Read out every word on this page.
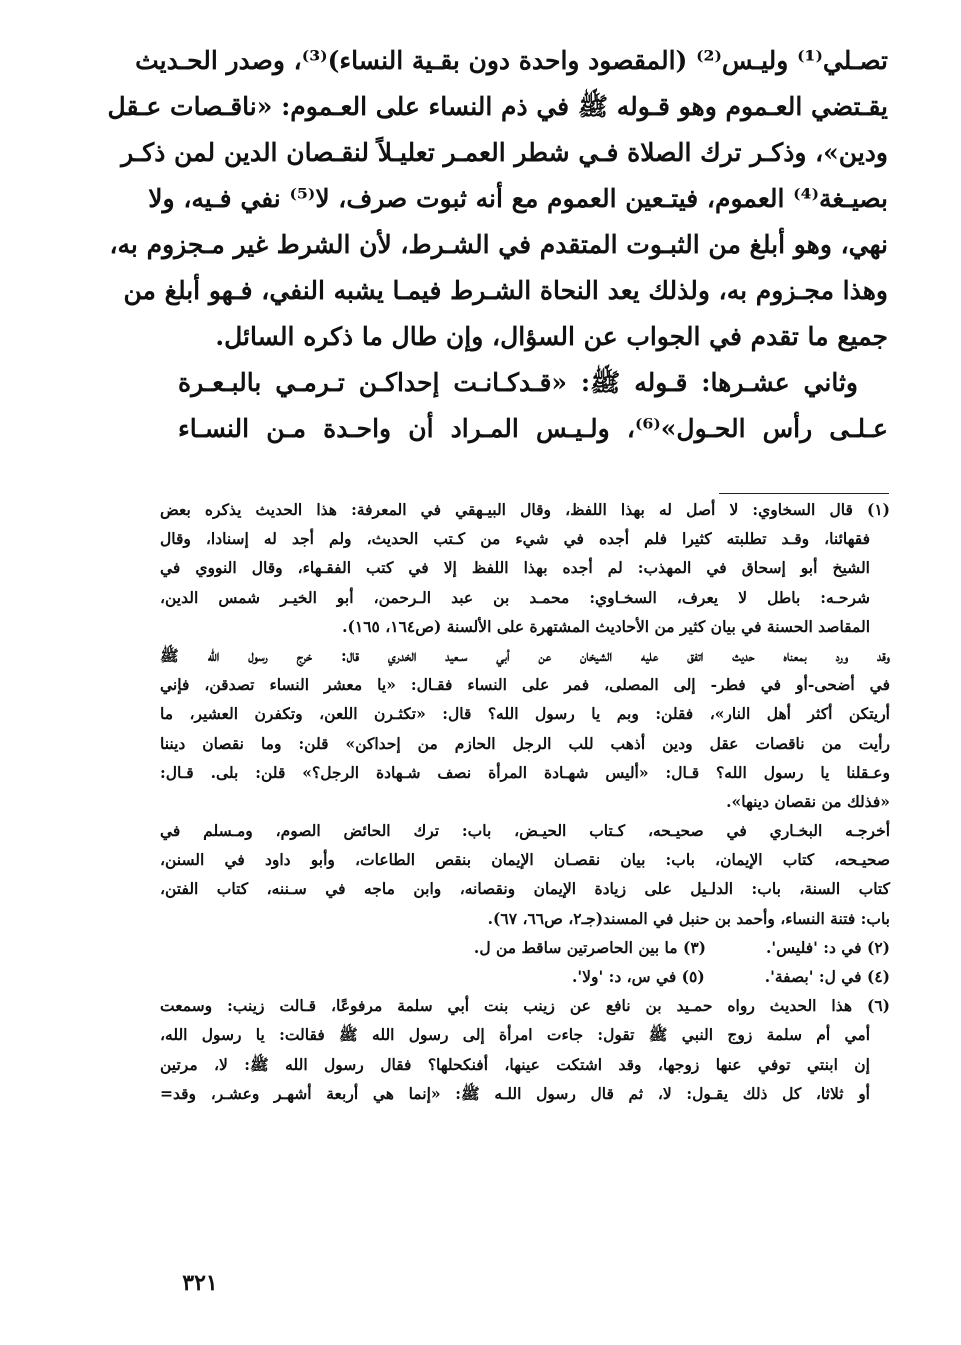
تصـلي⁽¹⁾ وليـس⁽²⁾ (المقصود واحدة دون بقـية النساء)⁽³⁾، وصدر الحـديث
يقـتضي العـموم وهو قـوله ﷺ في ذم النساء على العـموم: «ناقـصات عـقل
ودين»، وذكـر ترك الصلاة فـي شطر العمـر تعليـلاً لنقـصان الدين لمن ذكـر
بصيـغة⁽⁴⁾ العموم، فيتـعين العموم مع أنه ثبوت صرف، لا⁽⁵⁾ نفي فـيه، ولا
نهي، وهو أبلغ من الثبـوت المتقدم في الشـرط، لأن الشرط غير مـجزوم به،
وهذا مجـزوم به، ولذلك يعد النحاة الشـرط فيمـا يشبه النفي، فـهو أبلغ من
جميع ما تقدم في الجواب عن السؤال، وإن طال ما ذكره السائل.
وثاني عشـرها: قـوله ﷺ: «قـدكـانـت إحداكـن تـرمـي بالبـعـرة
عـلـى رأس الحـول»⁽⁶⁾، ولـيـس المـراد أن واحـدة مـن النسـاء
(١) قال السخاوي: لا أصل له بهذا اللفظ، وقال البيـهقي في المعرفة: هذا الحديث يذكره بعض
فقهائنا، وقـد تطلبته كثيرا فلم أجده في شيء من كـتب الحديث، ولم أجد له إسنادا، وقال
الشيخ أبو إسحاق في المهذب: لم أجده بهذا اللفظ إلا في كتب الفقـهاء، وقال النووي في
شرحـه: باطل لا يعرف، السخـاوي: محمـد بن عبد الـرحمن، أبو الخيـر شمس الدين،
المقاصد الحسنة في بيان كثير من الأحاديث المشتهرة على الألسنة (ص١٦٤، ١٦٥).
وقد ورد بمعناه حديث اتفق عليه الشيخان عن أبي سـعيد الخدري قال: خرج رسول الله ﷺ
في أضحى-أو في فطر- إلى المصلى، فمر على النساء فقـال: «يا معشر النساء تصدقن، فإني
أريتكن أكثر أهل النار»، فقلن: وبم يا رسول الله؟ قال: «تكثـرن اللعن، وتكفرن العشير، ما
رأيت من ناقصات عقل ودين أذهب للب الرجل الحازم من إحداكن» قلن: وما نقصان ديننا
وعـقلنا يا رسول الله؟ قـال: «أليس شهـادة المرأة نصف شـهادة الرجل؟» قلن: بلى. قـال:
«فذلك من نقصان دينها».
أخرجـه البخـاري في صحيـحه، كـتاب الحيـض، باب: ترك الحائض الصوم، ومـسلم في
صحيـحه، كتاب الإيمان، باب: بيان نقصـان الإيمان بنقص الطاعات، وأبو داود في السنن،
كتاب السنة، باب: الدلـيل على زيادة الإيمان ونقصانه، وابن ماجه في سـننه، كتاب الفتن،
باب: فتنة النساء، وأحمد بن حنبل في المسند(جـ٢، ص٦٦، ٦٧).
(٢) في د: 'فليس'.
(٣) ما بين الحاصرتين ساقط من ل.
(٤) في ل: 'بصفة'.
(٥) في س، د: 'ولا'.
(٦) هذا الحديث رواه حمـيد بن نافع عن زينب بنت أبي سلمة مرفوعًا، قـالت زينب: وسمعت
أمي أم سلمة زوج النبي ﷺ تقول: جاءت امرأة إلى رسول الله ﷺ فقالت: يا رسول الله،
إن ابنتي توفي عنها زوجها، وقد اشتكت عينها، أفنكحلها؟ فقال رسول الله ﷺ: لا، مرتين
أو ثلاثا، كل ذلك يقـول: لا، ثم قال رسول اللـه ﷺ: «إنما هي أربعة أشهـر وعشـر، وقد=
٣٢١
